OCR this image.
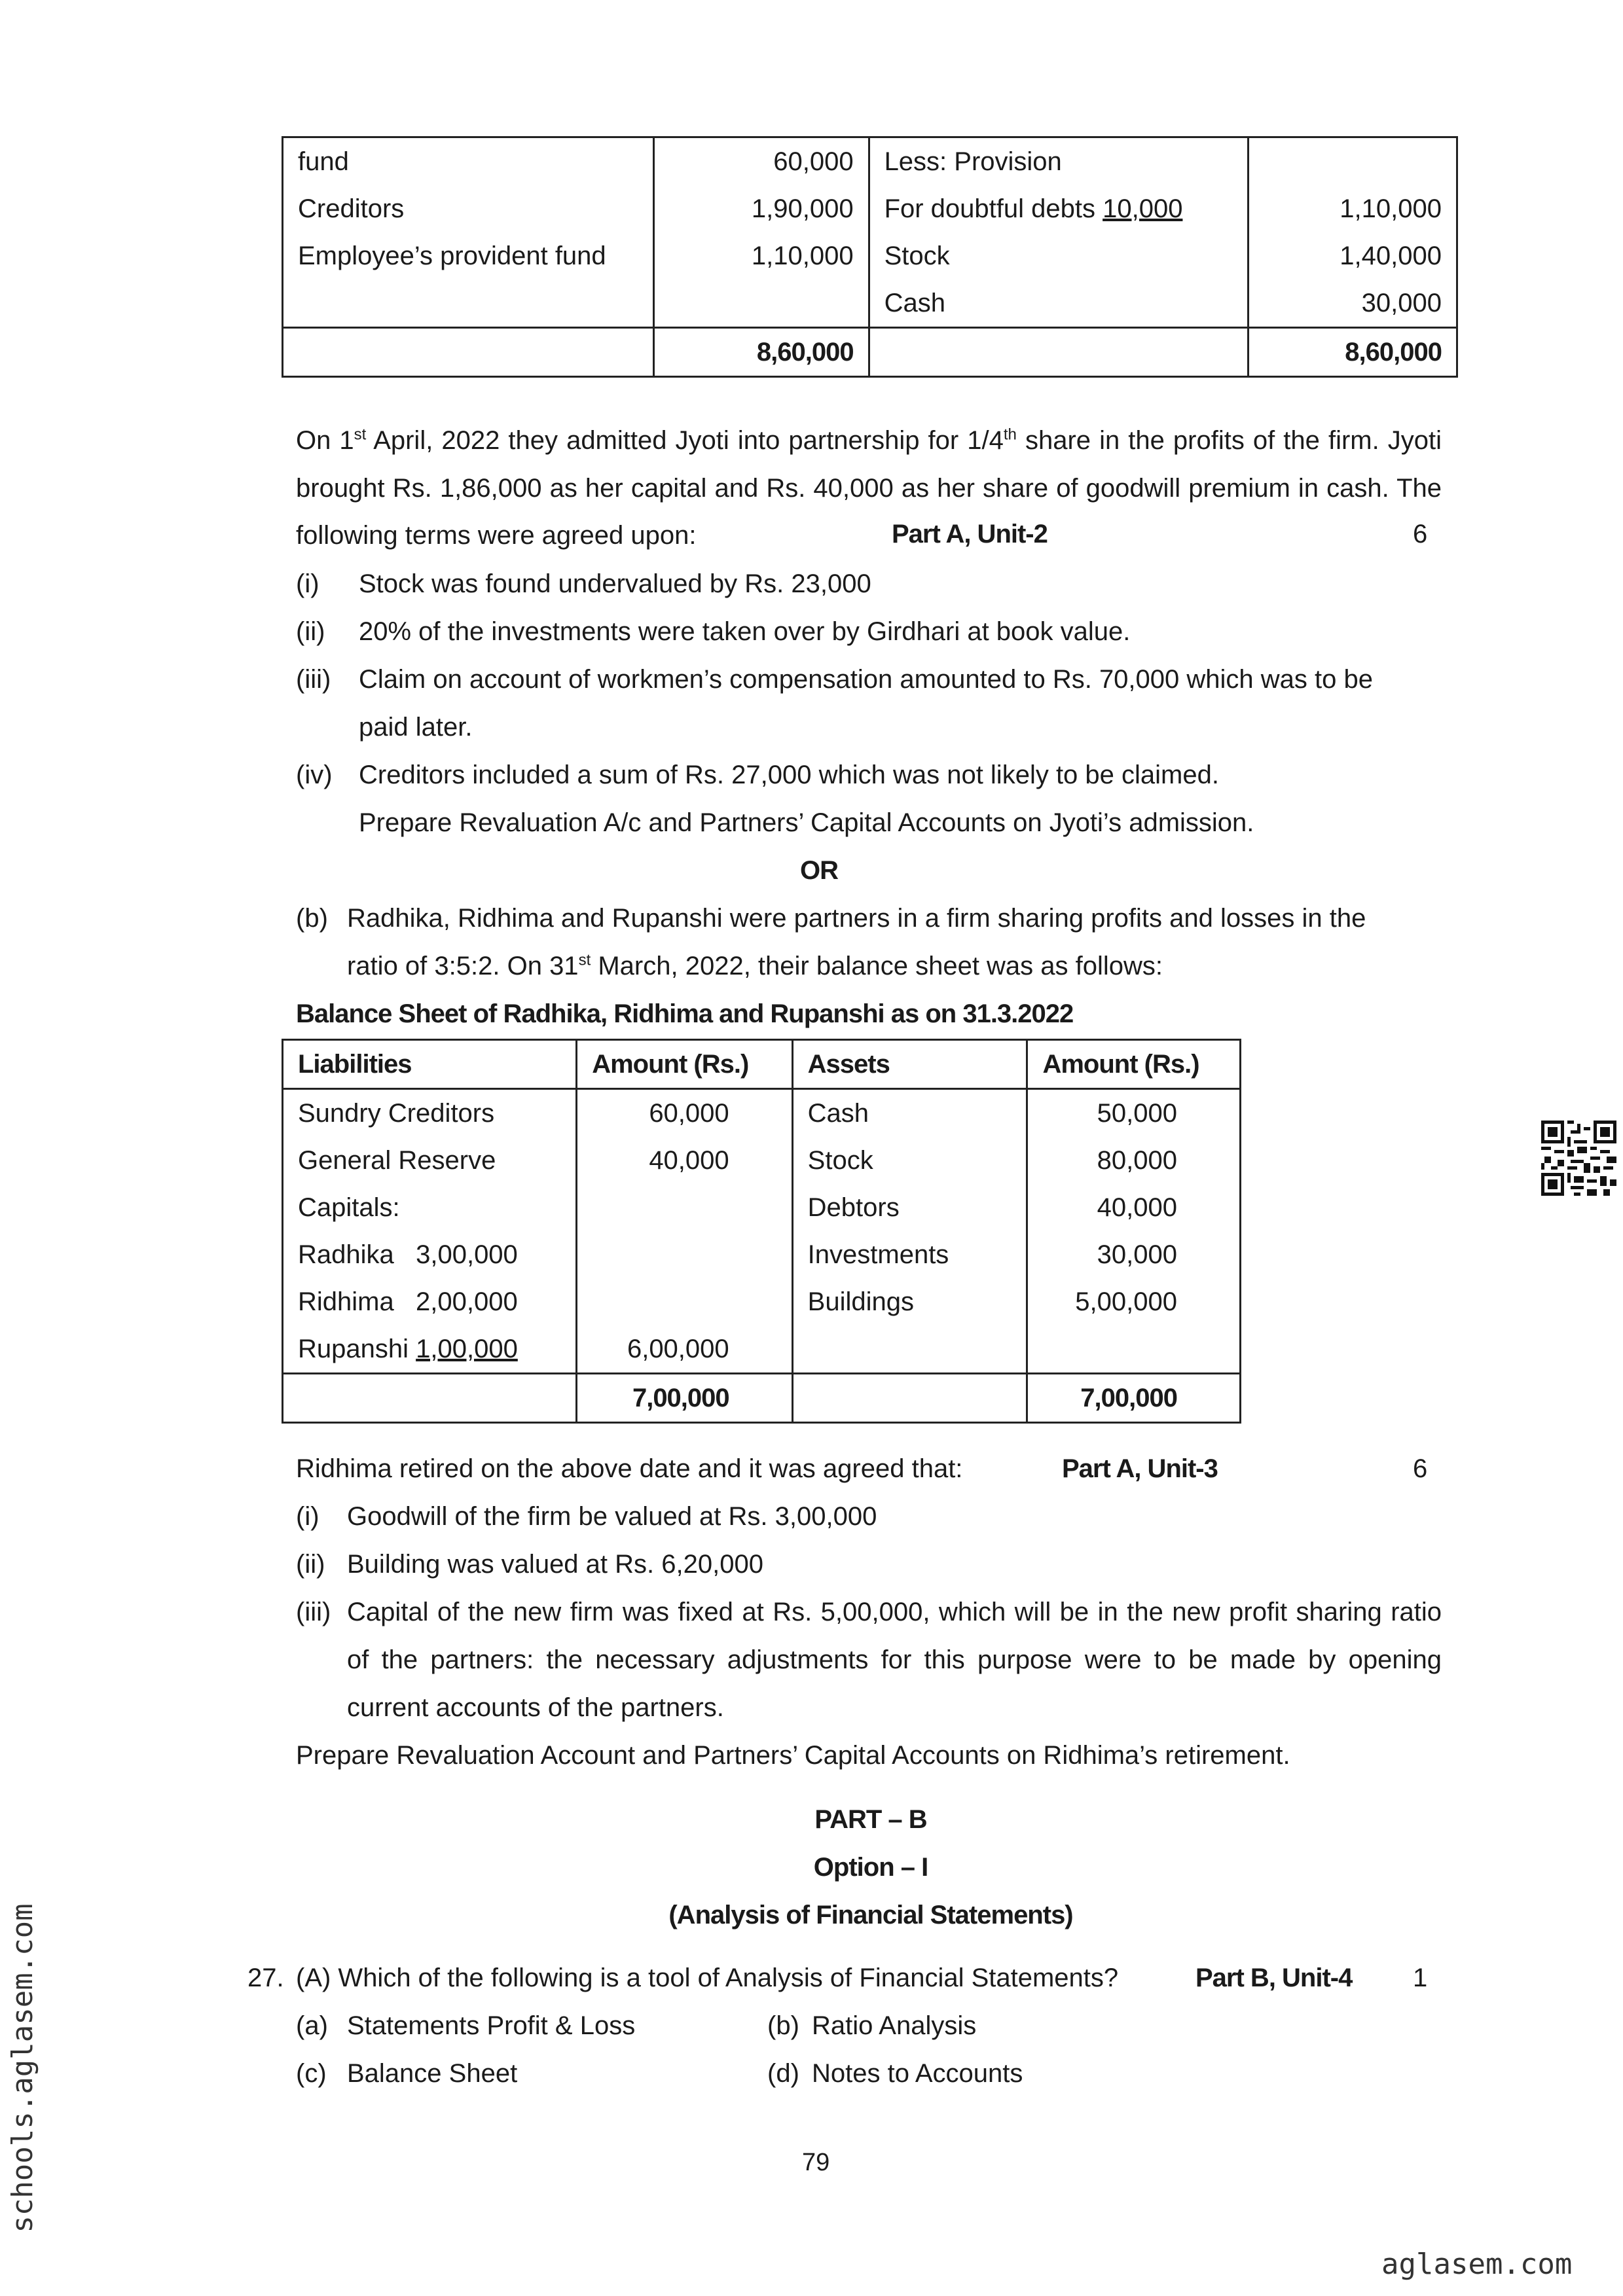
fund	60,000	Less: Provision	
Creditors	1,90,000	For doubtful debts 10,000	1,10,000
Employee’s provident fund	1,10,000	Stock	1,40,000
		Cash	30,000
	8,60,000		8,60,000
On 1st April, 2022 they admitted Jyoti into partnership for 1/4th share in the profits of the firm. Jyoti brought Rs. 1,86,000 as her capital and Rs. 40,000 as her share of goodwill premium in cash. The following terms were agreed upon:	Part A, Unit-2	6
(i) Stock was found undervalued by Rs. 23,000
(ii) 20% of the investments were taken over by Girdhari at book value.
(iii) Claim on account of workmen’s compensation amounted to Rs. 70,000 which was to be
paid later.
(iv) Creditors included a sum of Rs. 27,000 which was not likely to be claimed.
Prepare Revaluation A/c and Partners’ Capital Accounts on Jyoti’s admission.
OR
(b) Radhika, Ridhima and Rupanshi were partners in a firm sharing profits and losses in the
ratio of 3:5:2. On 31st March, 2022, their balance sheet was as follows:
Balance Sheet of Radhika, Ridhima and Rupanshi as on 31.3.2022
Liabilities	Amount (Rs.)	Assets	Amount (Rs.)
Sundry Creditors	60,000	Cash	50,000
General Reserve	40,000	Stock	80,000
Capitals:		Debtors	40,000
Radhika   3,00,000		Investments	30,000
Ridhima   2,00,000		Buildings	5,00,000
Rupanshi 1,00,000	6,00,000		
	7,00,000		7,00,000
Ridhima retired on the above date and it was agreed that:	Part A, Unit-3	6
(i) Goodwill of the firm be valued at Rs. 3,00,000
(ii) Building was valued at Rs. 6,20,000
(iii) Capital of the new firm was fixed at Rs. 5,00,000, which will be in the new profit sharing ratio of the partners: the necessary adjustments for this purpose were to be made by opening current accounts of the partners.
Prepare Revaluation Account and Partners’ Capital Accounts on Ridhima’s retirement.
PART – B
Option – I
(Analysis of Financial Statements)
27. (A) Which of the following is a tool of Analysis of Financial Statements?	Part B, Unit-4 1
(a) Statements Profit & Loss	(b) Ratio Analysis
(c) Balance Sheet	(d) Notes to Accounts
79
schools.aglasem.com
aglasem.com
